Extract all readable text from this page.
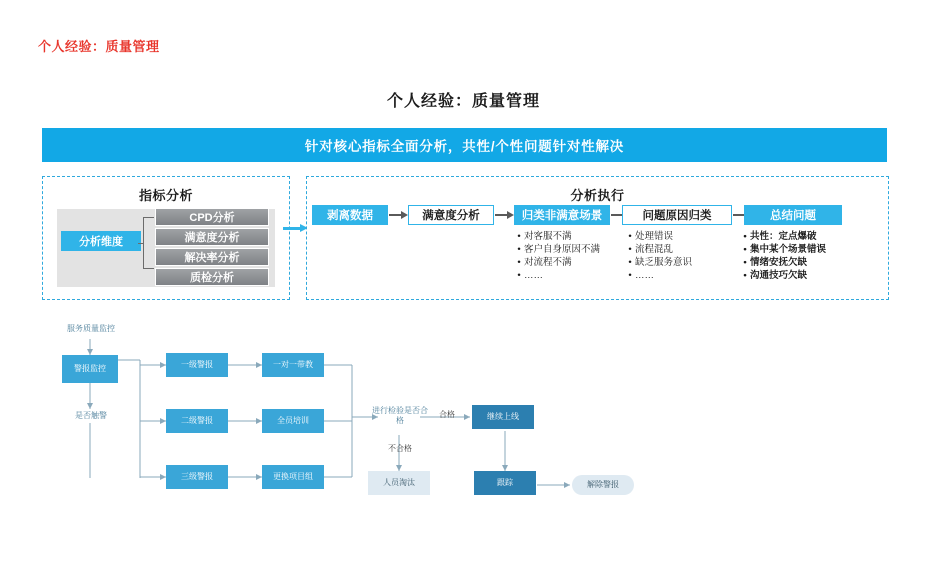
个人经验：质量管理
个人经验：质量管理
针对核心指标全面分析，共性/个性问题针对性解决
指标分析
分析维度
CPD分析
满意度分析
解决率分析
质检分析
分析执行
剥离数据	满意度分析	归类非满意场景	问题原因归类	总结问题
• 对客服不满
• 客户自身原因不满
• 对流程不满
• ……
• 处理错误
• 流程混乱
• 缺乏服务意识
• ……
• 共性：定点爆破
• 集中某个场景错误
• 情绪安抚欠缺
• 沟通技巧欠缺
服务质量监控
警报监控
是否触警
一级警报
二级警报
三级警报
一对一带教
全员培训
更换项目组
进行检验是否合格	继续上线
人员淘汰	跟踪	解除警报
合格
不合格
